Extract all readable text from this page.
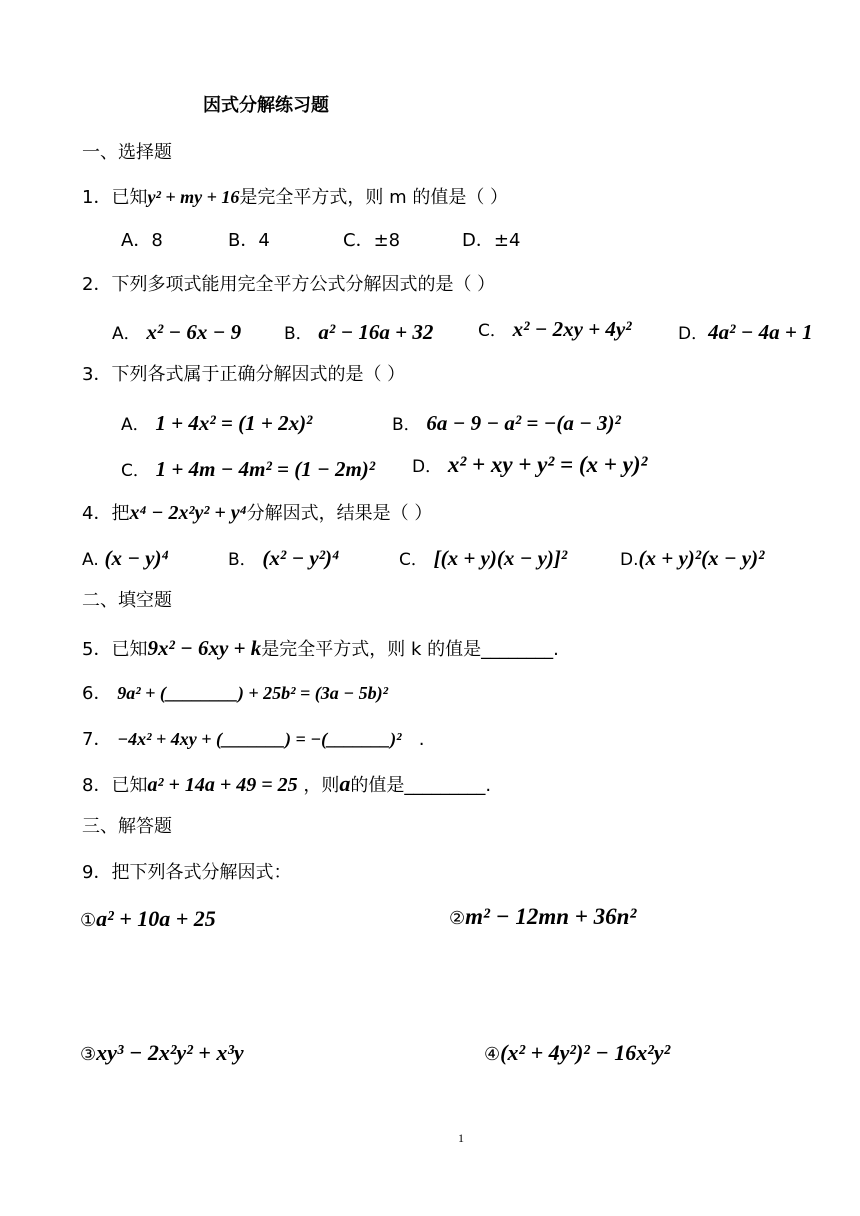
因式分解练习题
一、选择题
1．已知y² + my + 16是完全平方式，则 m 的值是（ ）
A．8	B．4	C．±8	D．±4
2．下列多项式能用完全平方公式分解因式的是（ ）
A． x² − 6x − 9	B． a² − 16a + 32	C． x² − 2xy + 4y²	D．4a² − 4a + 1
3．下列各式属于正确分解因式的是（ ）
A． 1 + 4x² = (1 + 2x)²	B． 6a − 9 − a² = −(a − 3)²
C． 1 + 4m − 4m² = (1 − 2m)² D． x² + xy + y² = (x + y)²
4．把x⁴ − 2x²y² + y⁴分解因式，结果是（ ）
A. (x − y)⁴	B． (x² − y²)⁴	C． [(x + y)(x − y)]²	D.(x + y)²(x − y)²
二、填空题
5．已知9x² − 6xy + k是完全平方式，则 k 的值是________.
6． 9a² + (________) + 25b² = (3a − 5b)²
7． −4x² + 4xy + (_______) = −(_______)² .
8．已知a² + 14a + 49 = 25 ，则a的值是_________.
三、解答题
9．把下列各式分解因式：
①a² + 10a + 25	②m² − 12mn + 36n²
③xy³ − 2x²y² + x³y	④(x² + 4y²)² − 16x²y²
1
